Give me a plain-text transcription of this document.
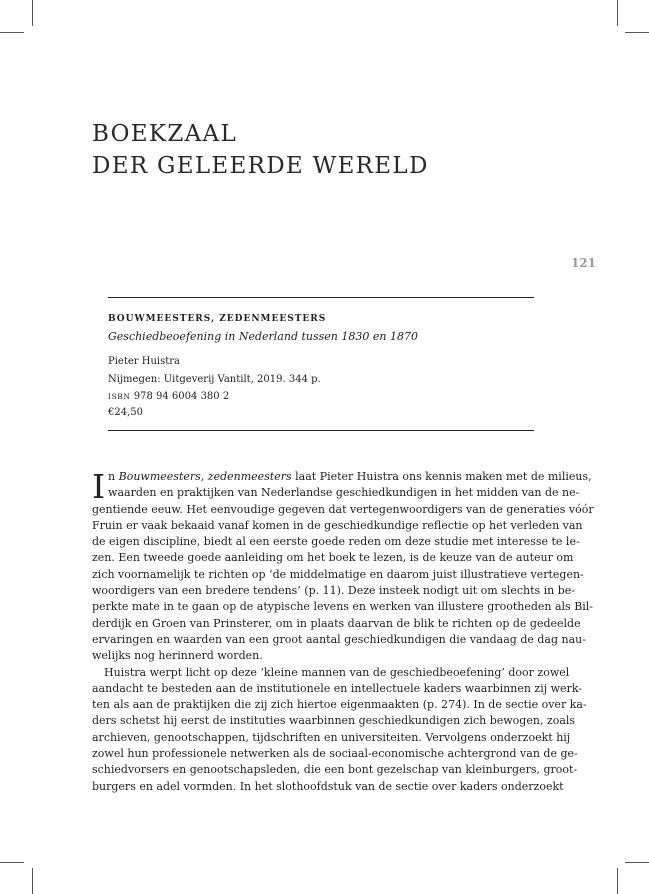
BOEKZAAL
DER GELEERDE WERELD
121
BOUWMEESTERS, ZEDENMEESTERS
Geschiedbeoefening in Nederland tussen 1830 en 1870
Pieter Huistra
Nijmegen: Uitgeverij Vantilt, 2019. 344 p.
ISBN 978 94 6004 380 2
€24,50

I n Bouwmeesters, zedenmeesters laat Pieter Huistra ons kennis maken met de milieus,
waarden en praktijken van Nederlandse geschiedkundigen in het midden van de ne-
gentiende eeuw. Het eenvoudige gegeven dat vertegenwoordigers van de generaties vóór
Fruin er vaak bekaaid vanaf komen in de geschiedkundige reflectie op het verleden van
de eigen discipline, biedt al een eerste goede reden om deze studie met interesse te le-
zen. Een tweede goede aanleiding om het boek te lezen, is de keuze van de auteur om
zich voornamelijk te richten op ‘de middelmatige en daarom juist illustratieve vertegen-
woordigers van een bredere tendens’ (p. 11). Deze insteek nodigt uit om slechts in be-
perkte mate in te gaan op de atypische levens en werken van illustere grootheden als Bil-
derdijk en Groen van Prinsterer, om in plaats daarvan de blik te richten op de gedeelde
ervaringen en waarden van een groot aantal geschiedkundigen die vandaag de dag nau-
welijks nog herinnerd worden.

Huistra werpt licht op deze ‘kleine mannen van de geschiedbeoefening’ door zowel
aandacht te besteden aan de institutionele en intellectuele kaders waarbinnen zij werk-
ten als aan de praktijken die zij zich hiertoe eigenmaakten (p. 274). In de sectie over ka-
ders schetst hij eerst de instituties waarbinnen geschiedkundigen zich bewogen, zoals
archieven, genootschappen, tijdschriften en universiteiten. Vervolgens onderzoekt hij
zowel hun professionele netwerken als de sociaal-economische achtergrond van de ge-
schiedvorsers en genootschapsleden, die een bont gezelschap van kleinburgers, groot-
burgers en adel vormden. In het slothoofdstuk van de sectie over kaders onderzoekt
